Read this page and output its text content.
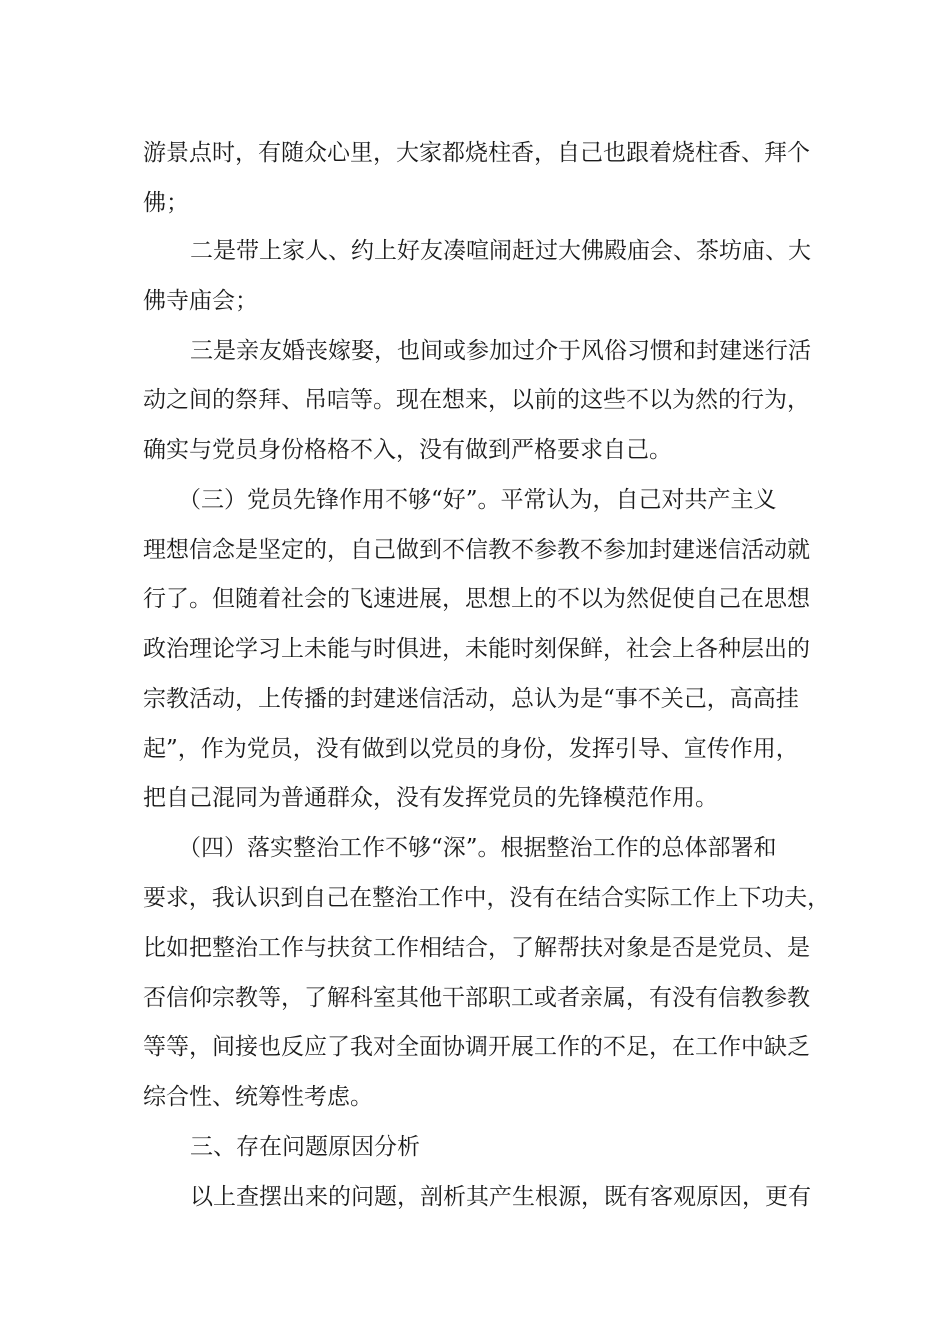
游景点时，有随众心里，大家都烧柱香，自己也跟着烧柱香、拜个
佛；
二是带上家人、约上好友凑喧闹赶过大佛殿庙会、茶坊庙、大
佛寺庙会；
三是亲友婚丧嫁娶，也间或参加过介于风俗习惯和封建迷行活
动之间的祭拜、吊唁等。现在想来，以前的这些不以为然的行为，
确实与党员身份格格不入，没有做到严格要求自己。
（三）党员先锋作用不够“好”。平常认为，自己对共产主义
理想信念是坚定的，自己做到不信教不参教不参加封建迷信活动就
行了。但随着社会的飞速进展，思想上的不以为然促使自己在思想
政治理论学习上未能与时俱进，未能时刻保鲜，社会上各种层出的
宗教活动，上传播的封建迷信活动，总认为是“事不关己，高高挂
起”，作为党员，没有做到以党员的身份，发挥引导、宣传作用，
把自己混同为普通群众，没有发挥党员的先锋模范作用。
（四）落实整治工作不够“深”。根据整治工作的总体部署和
要求，我认识到自己在整治工作中，没有在结合实际工作上下功夫，
比如把整治工作与扶贫工作相结合，了解帮扶对象是否是党员、是
否信仰宗教等，了解科室其他干部职工或者亲属，有没有信教参教
等等，间接也反应了我对全面协调开展工作的不足，在工作中缺乏
综合性、统筹性考虑。
三、存在问题原因分析
以上查摆出来的问题，剖析其产生根源，既有客观原因，更有
